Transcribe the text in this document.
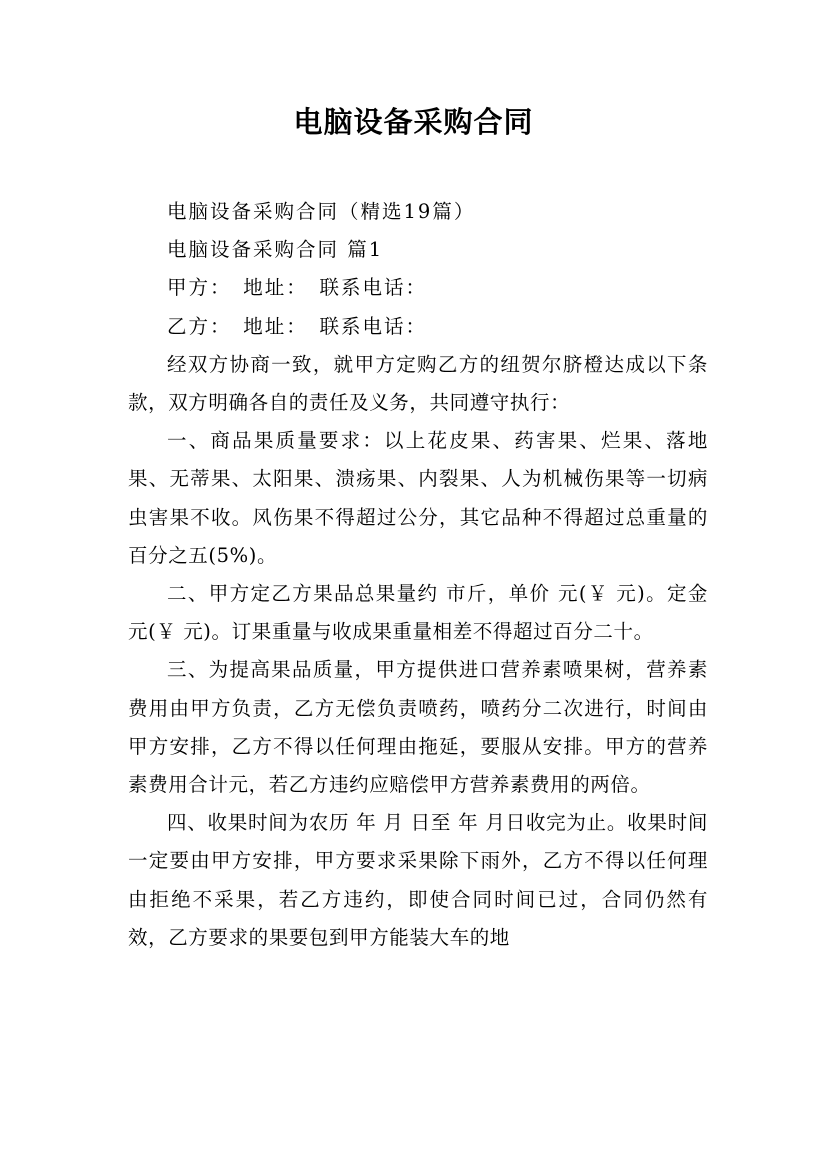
电脑设备采购合同

电脑设备采购合同（精选19篇）

电脑设备采购合同 篇1

甲方：　地址：　联系电话：

乙方：　地址：　联系电话：

经双方协商一致，就甲方定购乙方的纽贺尔脐橙达成以下条款，双方明确各自的责任及义务，共同遵守执行：

一、商品果质量要求：以上花皮果、药害果、烂果、落地果、无蒂果、太阳果、溃疡果、内裂果、人为机械伤果等一切病虫害果不收。风伤果不得超过公分，其它品种不得超过总重量的百分之五(5%)。

二、甲方定乙方果品总果量约 市斤，单价 元(￥ 元)。定金 元(￥ 元)。订果重量与收成果重量相差不得超过百分二十。

三、为提高果品质量，甲方提供进口营养素喷果树，营养素费用由甲方负责，乙方无偿负责喷药，喷药分二次进行，时间由甲方安排，乙方不得以任何理由拖延，要服从安排。甲方的营养素费用合计元，若乙方违约应赔偿甲方营养素费用的两倍。

四、收果时间为农历 年 月 日至 年 月日收完为止。收果时间一定要由甲方安排，甲方要求采果除下雨外，乙方不得以任何理由拒绝不采果，若乙方违约，即使合同时间已过，合同仍然有效，乙方要求的果要包到甲方能装大车的地
